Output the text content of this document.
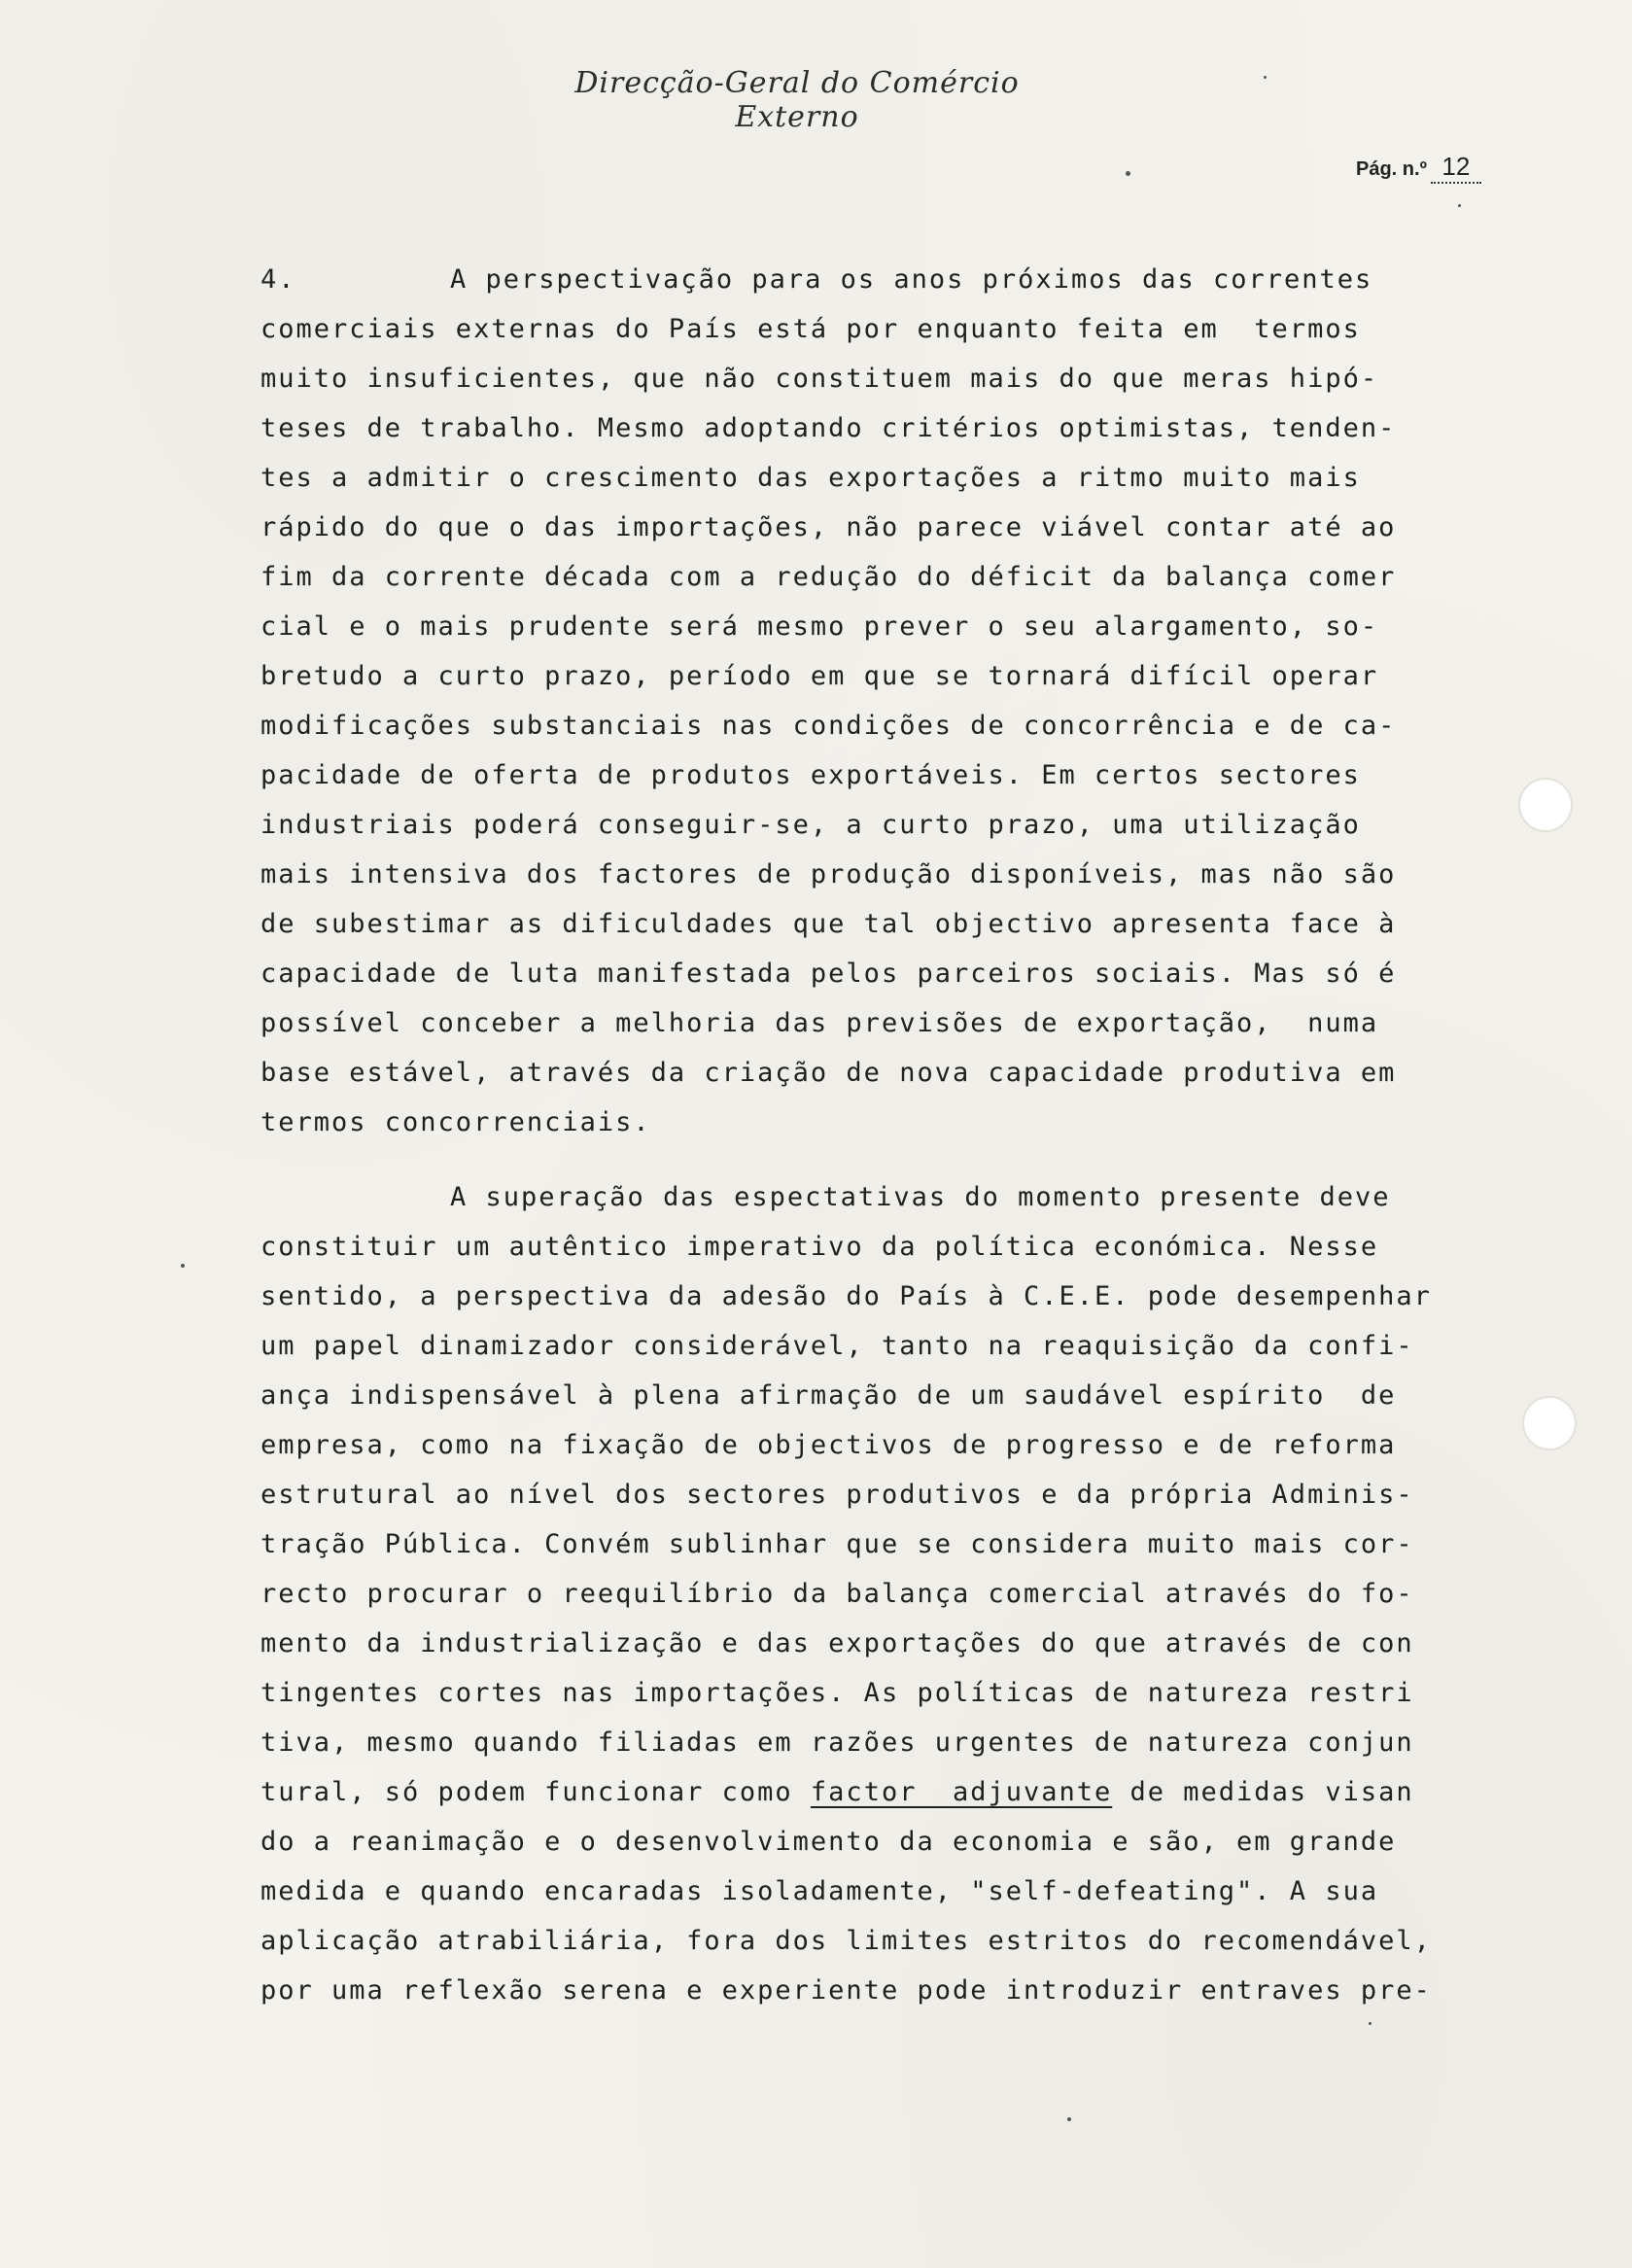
Direcção-Geral do Comércio Externo
Pág. n.º 12
4.	A perspectivação para os anos próximos das correntes
comerciais externas do País está por enquanto feita em  termos
muito insuficientes, que não constituem mais do que meras hipó-
teses de trabalho. Mesmo adoptando critérios optimistas, tenden-
tes a admitir o crescimento das exportações a ritmo muito mais
rápido do que o das importações, não parece viável contar até ao
fim da corrente década com a redução do déficit da balança comer
cial e o mais prudente será mesmo prever o seu alargamento, so-
bretudo a curto prazo, período em que se tornará difícil operar
modificações substanciais nas condições de concorrência e de ca-
pacidade de oferta de produtos exportáveis. Em certos sectores
industriais poderá conseguir-se, a curto prazo, uma utilização
mais intensiva dos factores de produção disponíveis, mas não são
de subestimar as dificuldades que tal objectivo apresenta face à
capacidade de luta manifestada pelos parceiros sociais. Mas só é
possível conceber a melhoria das previsões de exportação,  numa
base estável, através da criação de nova capacidade produtiva em
termos concorrenciais.
A superação das espectativas do momento presente deve
constituir um autêntico imperativo da política económica. Nesse
sentido, a perspectiva da adesão do País à C.E.E. pode desempenhar
um papel dinamizador considerável, tanto na reaquisição da confi-
ança indispensável à plena afirmação de um saudável espírito  de
empresa, como na fixação de objectivos de progresso e de reforma
estrutural ao nível dos sectores produtivos e da própria Adminis-
tração Pública. Convém sublinhar que se considera muito mais cor-
recto procurar o reequilíbrio da balança comercial através do fo-
mento da industrialização e das exportações do que através de con
tingentes cortes nas importações. As políticas de natureza restri
tiva, mesmo quando filiadas em razões urgentes de natureza conjun
tural, só podem funcionar como factor  adjuvante de medidas visan
do a reanimação e o desenvolvimento da economia e são, em grande
medida e quando encaradas isoladamente, "self-defeating". A sua
aplicação atrabiliária, fora dos limites estritos do recomendável,
por uma reflexão serena e experiente pode introduzir entraves pre-
